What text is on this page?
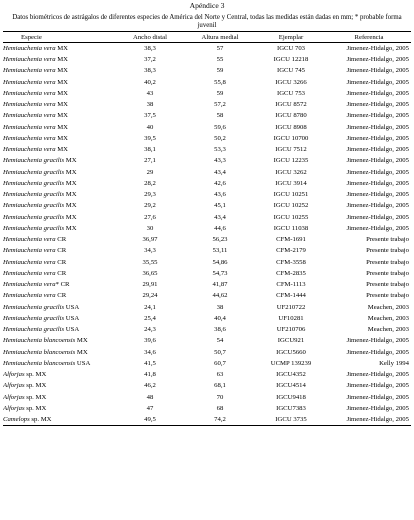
Apéndice 3
Datos biométricos de astrágalos de diferentes especies de América del Norte y Central, todas las medidas están dadas en mm; * probable forma juvenil
Especie	Ancho distal	Altura medial	Ejemplar	Referencia
Hemiauchenia vera MX	38,3	57	IGCU 703	Jimenez-Hidalgo, 2005
Hemiauchenia vera MX	37,2	55	IGCU 12218	Jimenez-Hidalgo, 2005
Hemiauchenia vera MX	38,3	59	IGCU 745	Jimenez-Hidalgo, 2005
Hemiauchenia vera MX	40,2	55,8	IGCU 3266	Jimenez-Hidalgo, 2005
Hemiauchenia vera MX	43	59	IGCU 753	Jimenez-Hidalgo, 2005
Hemiauchenia vera MX	38	57,2	IGCU 8572	Jimenez-Hidalgo, 2005
Hemiauchenia vera MX	37,5	58	IGCU 8780	Jimenez-Hidalgo, 2005
Hemiauchenia vera MX	40	59,6	IGCU 8908	Jimenez-Hidalgo, 2005
Hemiauchenia vera MX	39,5	50,2	IGCU 10700	Jimenez-Hidalgo, 2005
Hemiauchenia vera MX	38,1	53,3	IGCU 7512	Jimenez-Hidalgo, 2005
Hemiauchenia gracilis MX	27,1	43,3	IGCU 12235	Jimenez-Hidalgo, 2005
Hemiauchenia gracilis MX	29	43,4	IGCU 3262	Jimenez-Hidalgo, 2005
Hemiauchenia gracilis MX	28,2	42,6	IGCU 3914	Jimenez-Hidalgo, 2005
Hemiauchenia gracilis MX	29,3	43,6	IGCU 10251	Jimenez-Hidalgo, 2005
Hemiauchenia gracilis MX	29,2	45,1	IGCU 10252	Jimenez-Hidalgo, 2005
Hemiauchenia gracilis MX	27,6	43,4	IGCU 10255	Jimenez-Hidalgo, 2005
Hemiauchenia gracilis MX	30	44,6	IGCU 11038	Jimenez-Hidalgo, 2005
Hemiauchenia vera CR	36,97	56,23	CFM-1691	Presente trabajo
Hemiauchenia vera CR	34,3	53,11	CFM-2179	Presente trabajo
Hemiauchenia vera CR	35,55	54,86	CFM-3558	Presente trabajo
Hemiauchenia vera CR	36,65	54,73	CFM-2835	Presente trabajo
Hemiauchenia vera* CR	29,91	41,87	CFM-1113	Presente trabajo
Hemiauchenia vera CR	29,24	44,62	CFM-1444	Presente trabajo
Hemiauchenia gracilis USA	24,1	38	UF210722	Meachen, 2003
Hemiauchenia gracilis USA	25,4	40,4	UF10281	Meachen, 2003
Hemiauchenia gracilis USA	24,3	38,6	UF210706	Meachen, 2003
Hemiauchenia blancoensis MX	39,6	54	IGCU921	Jimenez-Hidalgo, 2005
Hemiauchenia blancoensis MX	34,6	50,7	IGCU5660	Jimenez-Hidalgo, 2005
Hemiauchenia blancoensis USA	41,5	60,7	UCMP 139239	Kelly 1994
Alforjas sp. MX	41,8	63	IGCU4352	Jimenez-Hidalgo, 2005
Alforjas sp. MX	46,2	68,1	IGCU4514	Jimenez-Hidalgo, 2005
Alforjas sp. MX	48	70	IGCU9418	Jimenez-Hidalgo, 2005
Alforjas sp. MX	47	68	IGCU7383	Jimenez-Hidalgo, 2005
Camelops sp. MX	49,5	74,2	IGCU 3735	Jimenez-Hidalgo, 2005
